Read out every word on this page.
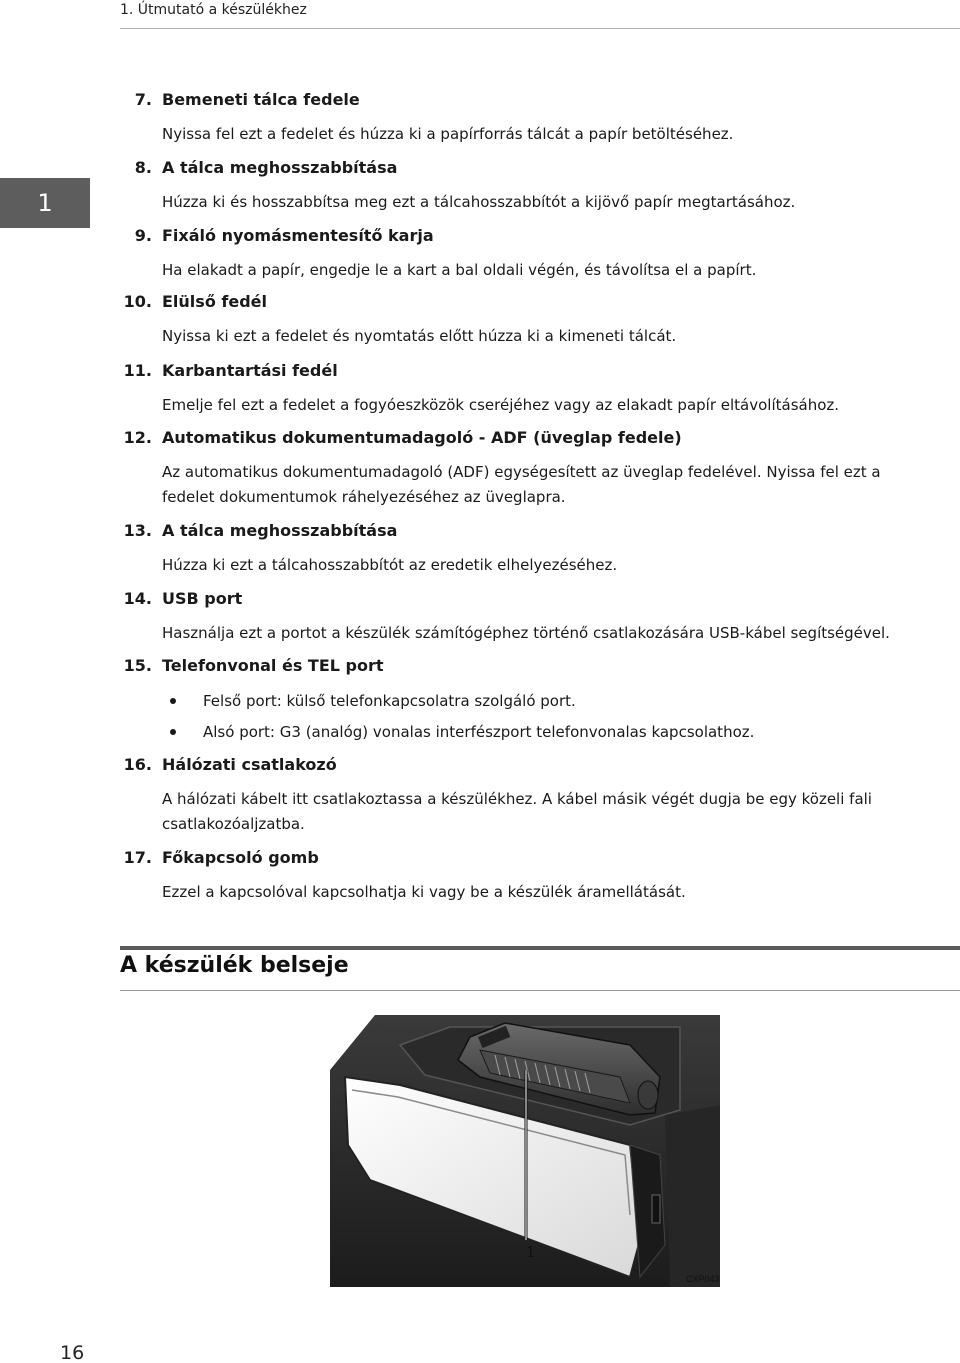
1. Útmutató a készülékhez
1
7. Bemeneti tálca fedele
Nyissa fel ezt a fedelet és húzza ki a papírforrás tálcát a papír betöltéséhez.
8. A tálca meghosszabbítása
Húzza ki és hosszabbítsa meg ezt a tálcahosszabbítót a kijövő papír megtartásához.
9. Fixáló nyomásmentesítő karja
Ha elakadt a papír, engedje le a kart a bal oldali végén, és távolítsa el a papírt.
10. Elülső fedél
Nyissa ki ezt a fedelet és nyomtatás előtt húzza ki a kimeneti tálcát.
11. Karbantartási fedél
Emelje fel ezt a fedelet a fogyóeszközök cseréjéhez vagy az elakadt papír eltávolításához.
12. Automatikus dokumentumadagoló - ADF (üveglap fedele)
Az automatikus dokumentumadagoló (ADF) egységesített az üveglap fedelével. Nyissa fel ezt a fedelet dokumentumok ráhelyezéséhez az üveglapra.
13. A tálca meghosszabbítása
Húzza ki ezt a tálcahosszabbítót az eredetik elhelyezéséhez.
14. USB port
Használja ezt a portot a készülék számítógéphez történő csatlakozására USB-kábel segítségével.
15. Telefonvonal és TEL port
Felső port: külső telefonkapcsolatra szolgáló port.
Alsó port: G3 (analóg) vonalas interfészport telefonvonalas kapcsolathoz.
16. Hálózati csatlakozó
A hálózati kábelt itt csatlakoztassa a készülékhez. A kábel másik végét dugja be egy közeli fali csatlakozóaljzatba.
17. Főkapcsoló gomb
Ezzel a kapcsolóval kapcsolhatja ki vagy be a készülék áramellátását.
A készülék belseje
1
CXP043
16
